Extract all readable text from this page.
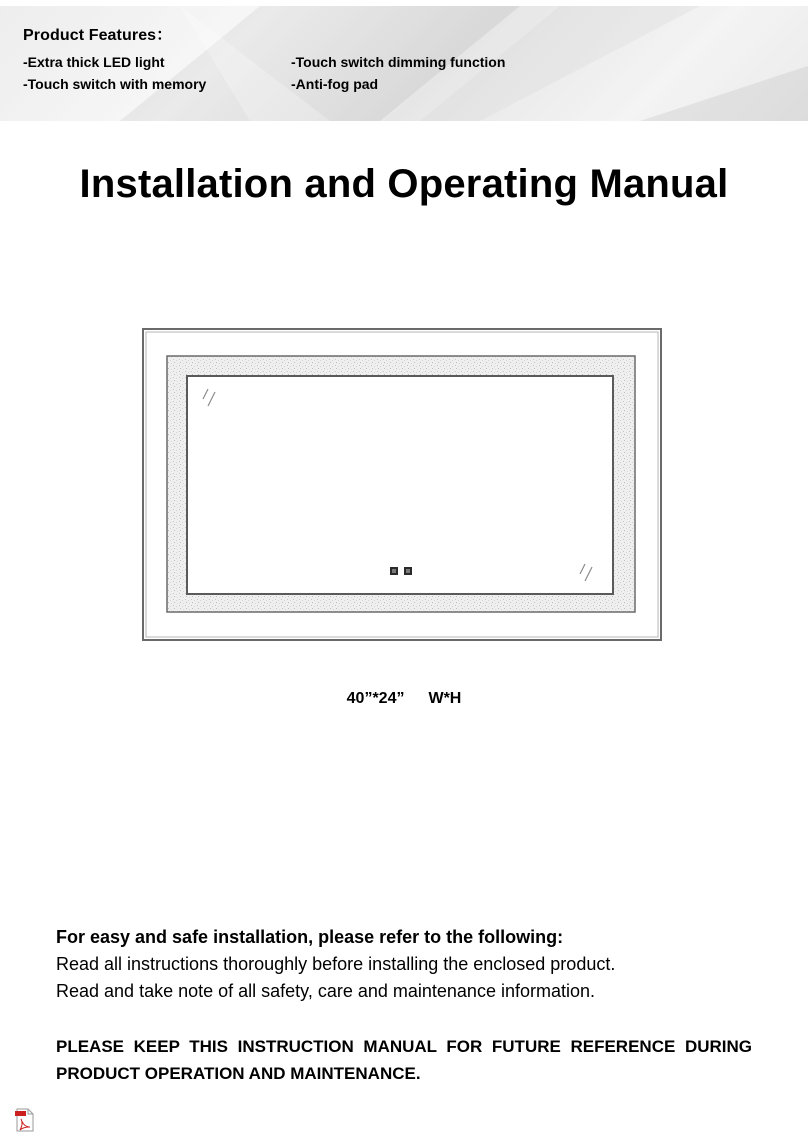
Product Features：
-Extra thick LED light	-Touch switch dimming function
-Touch switch with memory	-Anti-fog pad
Installation and Operating Manual
40”*24” W*H
For easy and safe installation, please refer to the following:
Read all instructions thoroughly before installing the enclosed product.
Read and take note of all safety, care and maintenance information.
PLEASE KEEP THIS INSTRUCTION MANUAL FOR FUTURE REFERENCE DURING PRODUCT OPERATION AND MAINTENANCE.
